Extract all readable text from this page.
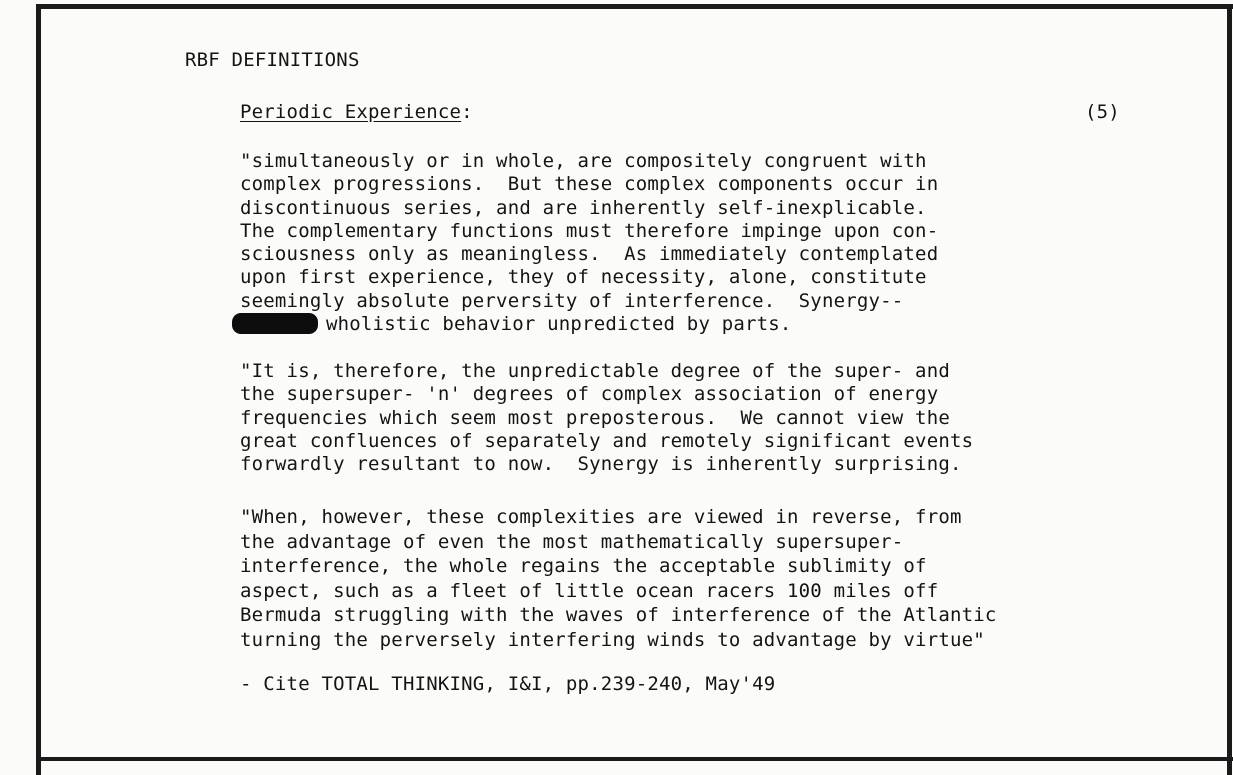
RBF DEFINITIONS
Periodic Experience:	(5)
"simultaneously or in whole, are compositely congruent with
complex progressions.  But these complex components occur in
discontinuous series, and are inherently self-inexplicable.
The complementary functions must therefore impinge upon con-
sciousness only as meaningless.  As immediately contemplated
upon first experience, they of necessity, alone, constitute
seemingly absolute perversity of interference.  Synergy--
wholistic behavior unpredicted by parts.
"It is, therefore, the unpredictable degree of the super- and
the supersuper- 'n' degrees of complex association of energy
frequencies which seem most preposterous.  We cannot view the
great confluences of separately and remotely significant events
forwardly resultant to now.  Synergy is inherently surprising.
"When, however, these complexities are viewed in reverse, from
the advantage of even the most mathematically supersuper-
interference, the whole regains the acceptable sublimity of
aspect, such as a fleet of little ocean racers 100 miles off
Bermuda struggling with the waves of interference of the Atlantic
turning the perversely interfering winds to advantage by virtue"
- Cite TOTAL THINKING, I&I, pp.239-240, May'49
